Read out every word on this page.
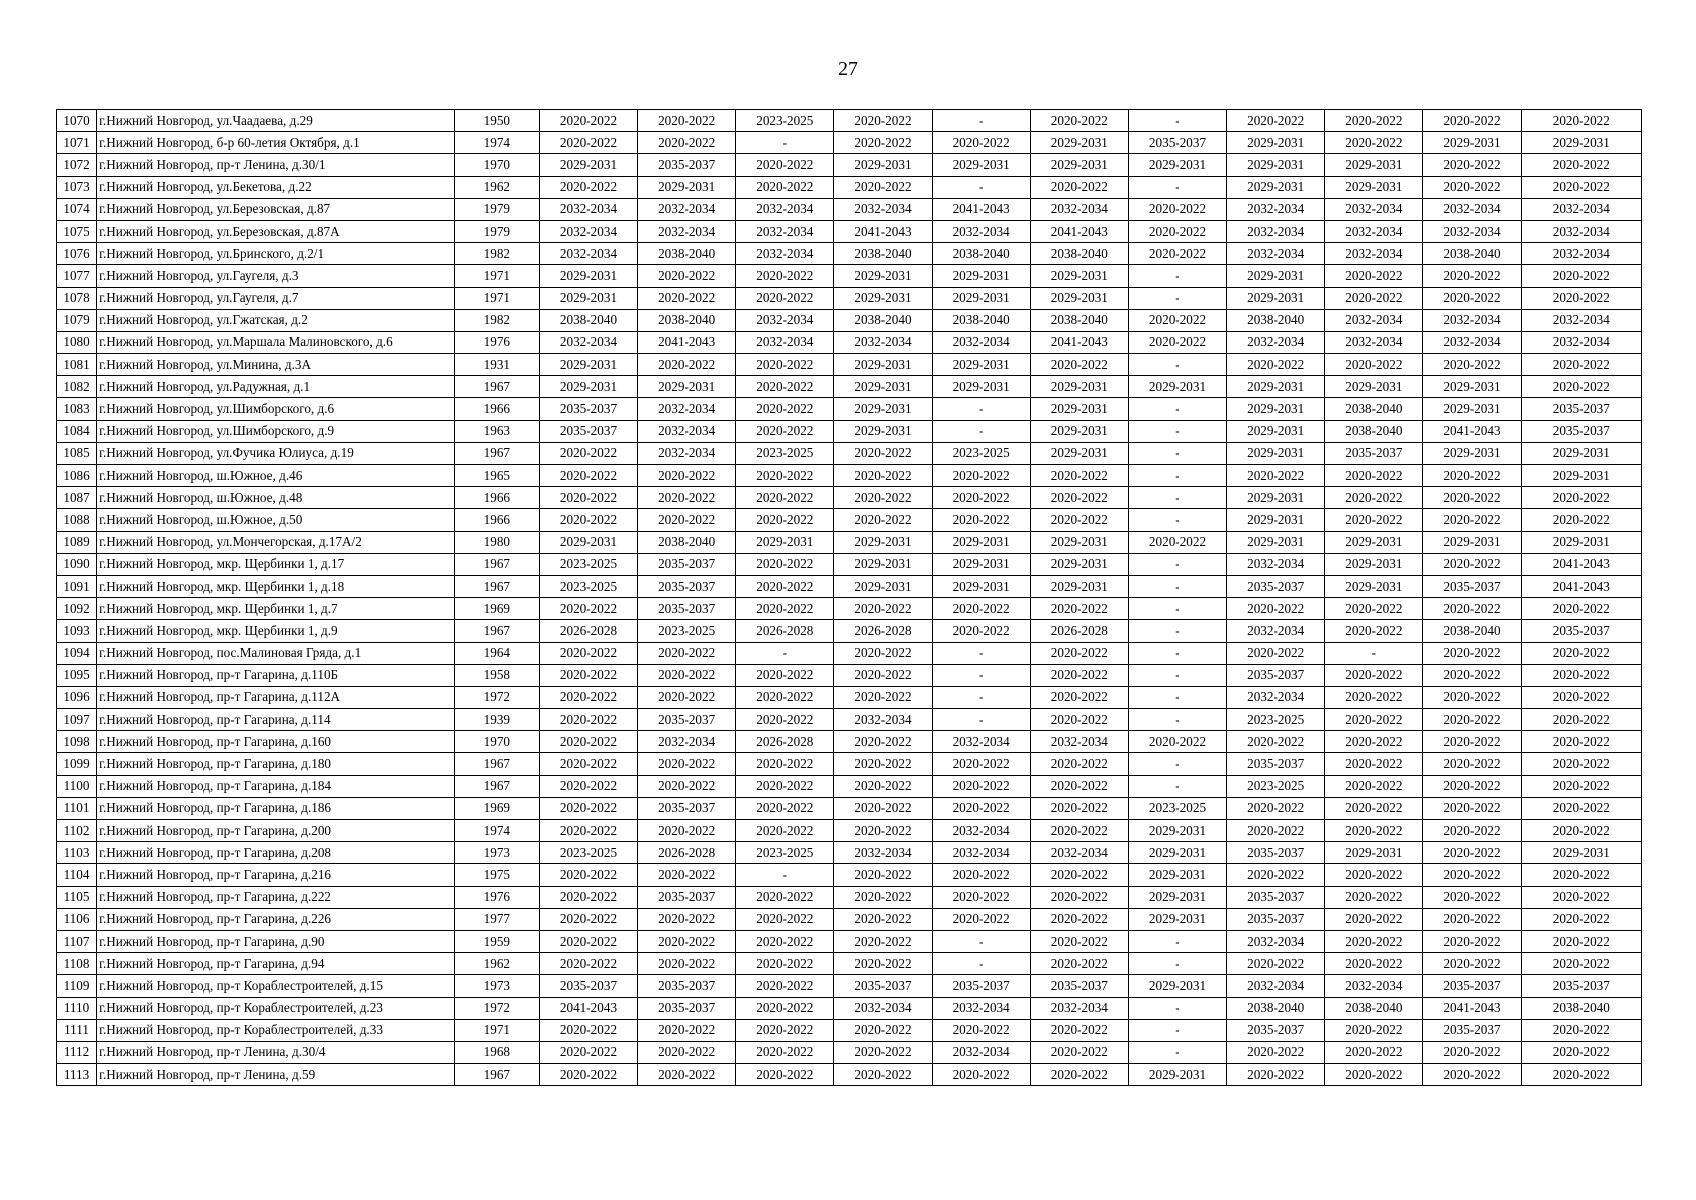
27
1070	г.Нижний Новгород, ул.Чаадаева, д.29	1950	2020-2022	2020-2022	2023-2025	2020-2022	-	2020-2022	-	2020-2022	2020-2022	2020-2022	2020-2022
1071	г.Нижний Новгород, б-р 60-летия Октября, д.1	1974	2020-2022	2020-2022	-	2020-2022	2020-2022	2029-2031	2035-2037	2029-2031	2020-2022	2029-2031	2029-2031
1072	г.Нижний Новгород, пр-т Ленина, д.30/1	1970	2029-2031	2035-2037	2020-2022	2029-2031	2029-2031	2029-2031	2029-2031	2029-2031	2029-2031	2020-2022	2020-2022
1073	г.Нижний Новгород, ул.Бекетова, д.22	1962	2020-2022	2029-2031	2020-2022	2020-2022	-	2020-2022	-	2029-2031	2029-2031	2020-2022	2020-2022
1074	г.Нижний Новгород, ул.Березовская, д.87	1979	2032-2034	2032-2034	2032-2034	2032-2034	2041-2043	2032-2034	2020-2022	2032-2034	2032-2034	2032-2034	2032-2034
1075	г.Нижний Новгород, ул.Березовская, д.87А	1979	2032-2034	2032-2034	2032-2034	2041-2043	2032-2034	2041-2043	2020-2022	2032-2034	2032-2034	2032-2034	2032-2034
1076	г.Нижний Новгород, ул.Бринского, д.2/1	1982	2032-2034	2038-2040	2032-2034	2038-2040	2038-2040	2038-2040	2020-2022	2032-2034	2032-2034	2038-2040	2032-2034
1077	г.Нижний Новгород, ул.Гаугеля, д.3	1971	2029-2031	2020-2022	2020-2022	2029-2031	2029-2031	2029-2031	-	2029-2031	2020-2022	2020-2022	2020-2022
1078	г.Нижний Новгород, ул.Гаугеля, д.7	1971	2029-2031	2020-2022	2020-2022	2029-2031	2029-2031	2029-2031	-	2029-2031	2020-2022	2020-2022	2020-2022
1079	г.Нижний Новгород, ул.Гжатская, д.2	1982	2038-2040	2038-2040	2032-2034	2038-2040	2038-2040	2038-2040	2020-2022	2038-2040	2032-2034	2032-2034	2032-2034
1080	г.Нижний Новгород, ул.Маршала Малиновского, д.6	1976	2032-2034	2041-2043	2032-2034	2032-2034	2032-2034	2041-2043	2020-2022	2032-2034	2032-2034	2032-2034	2032-2034
1081	г.Нижний Новгород, ул.Минина, д.3А	1931	2029-2031	2020-2022	2020-2022	2029-2031	2029-2031	2020-2022	-	2020-2022	2020-2022	2020-2022	2020-2022
1082	г.Нижний Новгород, ул.Радужная, д.1	1967	2029-2031	2029-2031	2020-2022	2029-2031	2029-2031	2029-2031	2029-2031	2029-2031	2029-2031	2029-2031	2020-2022
1083	г.Нижний Новгород, ул.Шимборского, д.6	1966	2035-2037	2032-2034	2020-2022	2029-2031	-	2029-2031	-	2029-2031	2038-2040	2029-2031	2035-2037
1084	г.Нижний Новгород, ул.Шимборского, д.9	1963	2035-2037	2032-2034	2020-2022	2029-2031	-	2029-2031	-	2029-2031	2038-2040	2041-2043	2035-2037
1085	г.Нижний Новгород, ул.Фучика Юлиуса, д.19	1967	2020-2022	2032-2034	2023-2025	2020-2022	2023-2025	2029-2031	-	2029-2031	2035-2037	2029-2031	2029-2031
1086	г.Нижний Новгород, ш.Южное, д.46	1965	2020-2022	2020-2022	2020-2022	2020-2022	2020-2022	2020-2022	-	2020-2022	2020-2022	2020-2022	2029-2031
1087	г.Нижний Новгород, ш.Южное, д.48	1966	2020-2022	2020-2022	2020-2022	2020-2022	2020-2022	2020-2022	-	2029-2031	2020-2022	2020-2022	2020-2022
1088	г.Нижний Новгород, ш.Южное, д.50	1966	2020-2022	2020-2022	2020-2022	2020-2022	2020-2022	2020-2022	-	2029-2031	2020-2022	2020-2022	2020-2022
1089	г.Нижний Новгород, ул.Мончегорская, д.17А/2	1980	2029-2031	2038-2040	2029-2031	2029-2031	2029-2031	2029-2031	2020-2022	2029-2031	2029-2031	2029-2031	2029-2031
1090	г.Нижний Новгород, мкр. Щербинки 1, д.17	1967	2023-2025	2035-2037	2020-2022	2029-2031	2029-2031	2029-2031	-	2032-2034	2029-2031	2020-2022	2041-2043
1091	г.Нижний Новгород, мкр. Щербинки 1, д.18	1967	2023-2025	2035-2037	2020-2022	2029-2031	2029-2031	2029-2031	-	2035-2037	2029-2031	2035-2037	2041-2043
1092	г.Нижний Новгород, мкр. Щербинки 1, д.7	1969	2020-2022	2035-2037	2020-2022	2020-2022	2020-2022	2020-2022	-	2020-2022	2020-2022	2020-2022	2020-2022
1093	г.Нижний Новгород, мкр. Щербинки 1, д.9	1967	2026-2028	2023-2025	2026-2028	2026-2028	2020-2022	2026-2028	-	2032-2034	2020-2022	2038-2040	2035-2037
1094	г.Нижний Новгород, пос.Малиновая Гряда, д.1	1964	2020-2022	2020-2022	-	2020-2022	-	2020-2022	-	2020-2022	-	2020-2022	2020-2022
1095	г.Нижний Новгород, пр-т Гагарина, д.110Б	1958	2020-2022	2020-2022	2020-2022	2020-2022	-	2020-2022	-	2035-2037	2020-2022	2020-2022	2020-2022
1096	г.Нижний Новгород, пр-т Гагарина, д.112А	1972	2020-2022	2020-2022	2020-2022	2020-2022	-	2020-2022	-	2032-2034	2020-2022	2020-2022	2020-2022
1097	г.Нижний Новгород, пр-т Гагарина, д.114	1939	2020-2022	2035-2037	2020-2022	2032-2034	-	2020-2022	-	2023-2025	2020-2022	2020-2022	2020-2022
1098	г.Нижний Новгород, пр-т Гагарина, д.160	1970	2020-2022	2032-2034	2026-2028	2020-2022	2032-2034	2032-2034	2020-2022	2020-2022	2020-2022	2020-2022	2020-2022
1099	г.Нижний Новгород, пр-т Гагарина, д.180	1967	2020-2022	2020-2022	2020-2022	2020-2022	2020-2022	2020-2022	-	2035-2037	2020-2022	2020-2022	2020-2022
1100	г.Нижний Новгород, пр-т Гагарина, д.184	1967	2020-2022	2020-2022	2020-2022	2020-2022	2020-2022	2020-2022	-	2023-2025	2020-2022	2020-2022	2020-2022
1101	г.Нижний Новгород, пр-т Гагарина, д.186	1969	2020-2022	2035-2037	2020-2022	2020-2022	2020-2022	2020-2022	2023-2025	2020-2022	2020-2022	2020-2022	2020-2022
1102	г.Нижний Новгород, пр-т Гагарина, д.200	1974	2020-2022	2020-2022	2020-2022	2020-2022	2032-2034	2020-2022	2029-2031	2020-2022	2020-2022	2020-2022	2020-2022
1103	г.Нижний Новгород, пр-т Гагарина, д.208	1973	2023-2025	2026-2028	2023-2025	2032-2034	2032-2034	2032-2034	2029-2031	2035-2037	2029-2031	2020-2022	2029-2031
1104	г.Нижний Новгород, пр-т Гагарина, д.216	1975	2020-2022	2020-2022	-	2020-2022	2020-2022	2020-2022	2029-2031	2020-2022	2020-2022	2020-2022	2020-2022
1105	г.Нижний Новгород, пр-т Гагарина, д.222	1976	2020-2022	2035-2037	2020-2022	2020-2022	2020-2022	2020-2022	2029-2031	2035-2037	2020-2022	2020-2022	2020-2022
1106	г.Нижний Новгород, пр-т Гагарина, д.226	1977	2020-2022	2020-2022	2020-2022	2020-2022	2020-2022	2020-2022	2029-2031	2035-2037	2020-2022	2020-2022	2020-2022
1107	г.Нижний Новгород, пр-т Гагарина, д.90	1959	2020-2022	2020-2022	2020-2022	2020-2022	-	2020-2022	-	2032-2034	2020-2022	2020-2022	2020-2022
1108	г.Нижний Новгород, пр-т Гагарина, д.94	1962	2020-2022	2020-2022	2020-2022	2020-2022	-	2020-2022	-	2020-2022	2020-2022	2020-2022	2020-2022
1109	г.Нижний Новгород, пр-т Кораблестроителей, д.15	1973	2035-2037	2035-2037	2020-2022	2035-2037	2035-2037	2035-2037	2029-2031	2032-2034	2032-2034	2035-2037	2035-2037
1110	г.Нижний Новгород, пр-т Кораблестроителей, д.23	1972	2041-2043	2035-2037	2020-2022	2032-2034	2032-2034	2032-2034	-	2038-2040	2038-2040	2041-2043	2038-2040
1111	г.Нижний Новгород, пр-т Кораблестроителей, д.33	1971	2020-2022	2020-2022	2020-2022	2020-2022	2020-2022	2020-2022	-	2035-2037	2020-2022	2035-2037	2020-2022
1112	г.Нижний Новгород, пр-т Ленина, д.30/4	1968	2020-2022	2020-2022	2020-2022	2020-2022	2032-2034	2020-2022	-	2020-2022	2020-2022	2020-2022	2020-2022
1113	г.Нижний Новгород, пр-т Ленина, д.59	1967	2020-2022	2020-2022	2020-2022	2020-2022	2020-2022	2020-2022	2029-2031	2020-2022	2020-2022	2020-2022	2020-2022
